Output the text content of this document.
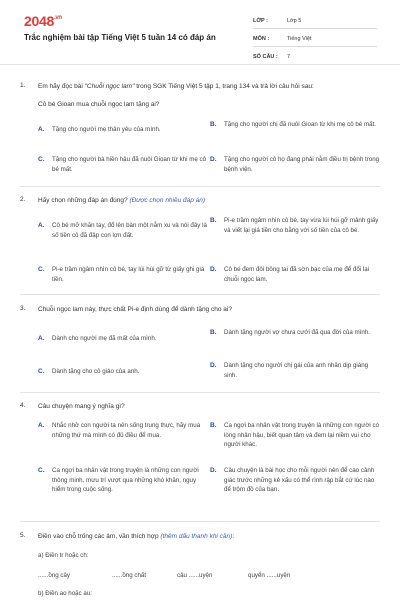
$2048^{.vn}$
Trắc nghiệm bài tập Tiếng Việt 5 tuần 14 có đáp án
LỚP :	Lớp 5
MÔN :	Tiếng Việt
SỐ CÂU :	7
1. Em hãy đọc bài "Chuỗi ngọc lam" trong SGK Tiếng Việt 5 tập 1, trang 134 và trả lời câu hỏi sau:
Cô bé Gioan mua chuỗi ngọc lam tặng ai?
A.	Tặng cho người mẹ thân yêu của mình.
B.	Tặng cho người chị đã nuôi Gioan từ khi mẹ cô bé mất.
C.	Tặng cho người bà hiền hậu đã nuôi Gioan từ khi mẹ cô bé mất.
D.	Tặng cho người cô họ đang phải nằm điều trị bệnh trong bệnh viện.
2. Hãy chọn những đáp án đúng? (Được chọn nhiều đáp án)
A.	Cô bé mở khăn tay, đổ lên bàn một nắm xu và nói đây là số tiền cô đã đập con lợn đất.
B.	Pi-e trầm ngâm nhìn cô bé, tay vừa lúi húi gỡ mảnh giấy và viết lại giá tiền cho bằng với số tiền của cô bé.
C.	Pi-e trầm ngâm nhìn cô bé, tay lúi húi gỡ từ giấy ghi giá tiền.
D.	Cô bé đem đôi bông tai đã sờn bạc của mẹ để đổi lại chuỗi ngọc lam.
3. Chuỗi ngọc lam này, thực chất Pi-e định dùng để dành tặng cho ai?
A.	Dành cho người mẹ đã mất của mình.
B.	Dành tặng người vợ chưa cưới đã qua đời của mình.
C.	Dành tặng cho cô giáo của anh.
D.	Dành tặng cho người chị gái của anh nhân dịp giáng sinh.
4. Câu chuyện mang ý nghĩa gì?
A.	Nhắc nhở con người ta nên sống trung thực, hãy mua những thứ mà mình có đủ điều để mua.
B.	Ca ngợi ba nhân vật trong truyện là những con người có lòng nhân hậu, biết quan tâm và đem lại niềm vui cho người khác.
C.	Ca ngợi ba nhân vật trong truyện là những con người thông minh, mưu trí vượt qua những khó khăn, nguy hiểm trong cuộc sống.
D.	Câu chuyện là bài học cho mỗi người nên để cao cảnh giác trước những kẻ xấu có thể rình rập bắt cứ lúc nào để trộm đồ của bạn.
5. Điền vào chỗ trống các âm, vần thích hợp (thêm dấu thanh khi cần):
a) Điền tr hoặc ch:
......ồng cây	......ồng chất	câu ......uyện	quyển ......uyện
b) Điền ao hoặc au:
